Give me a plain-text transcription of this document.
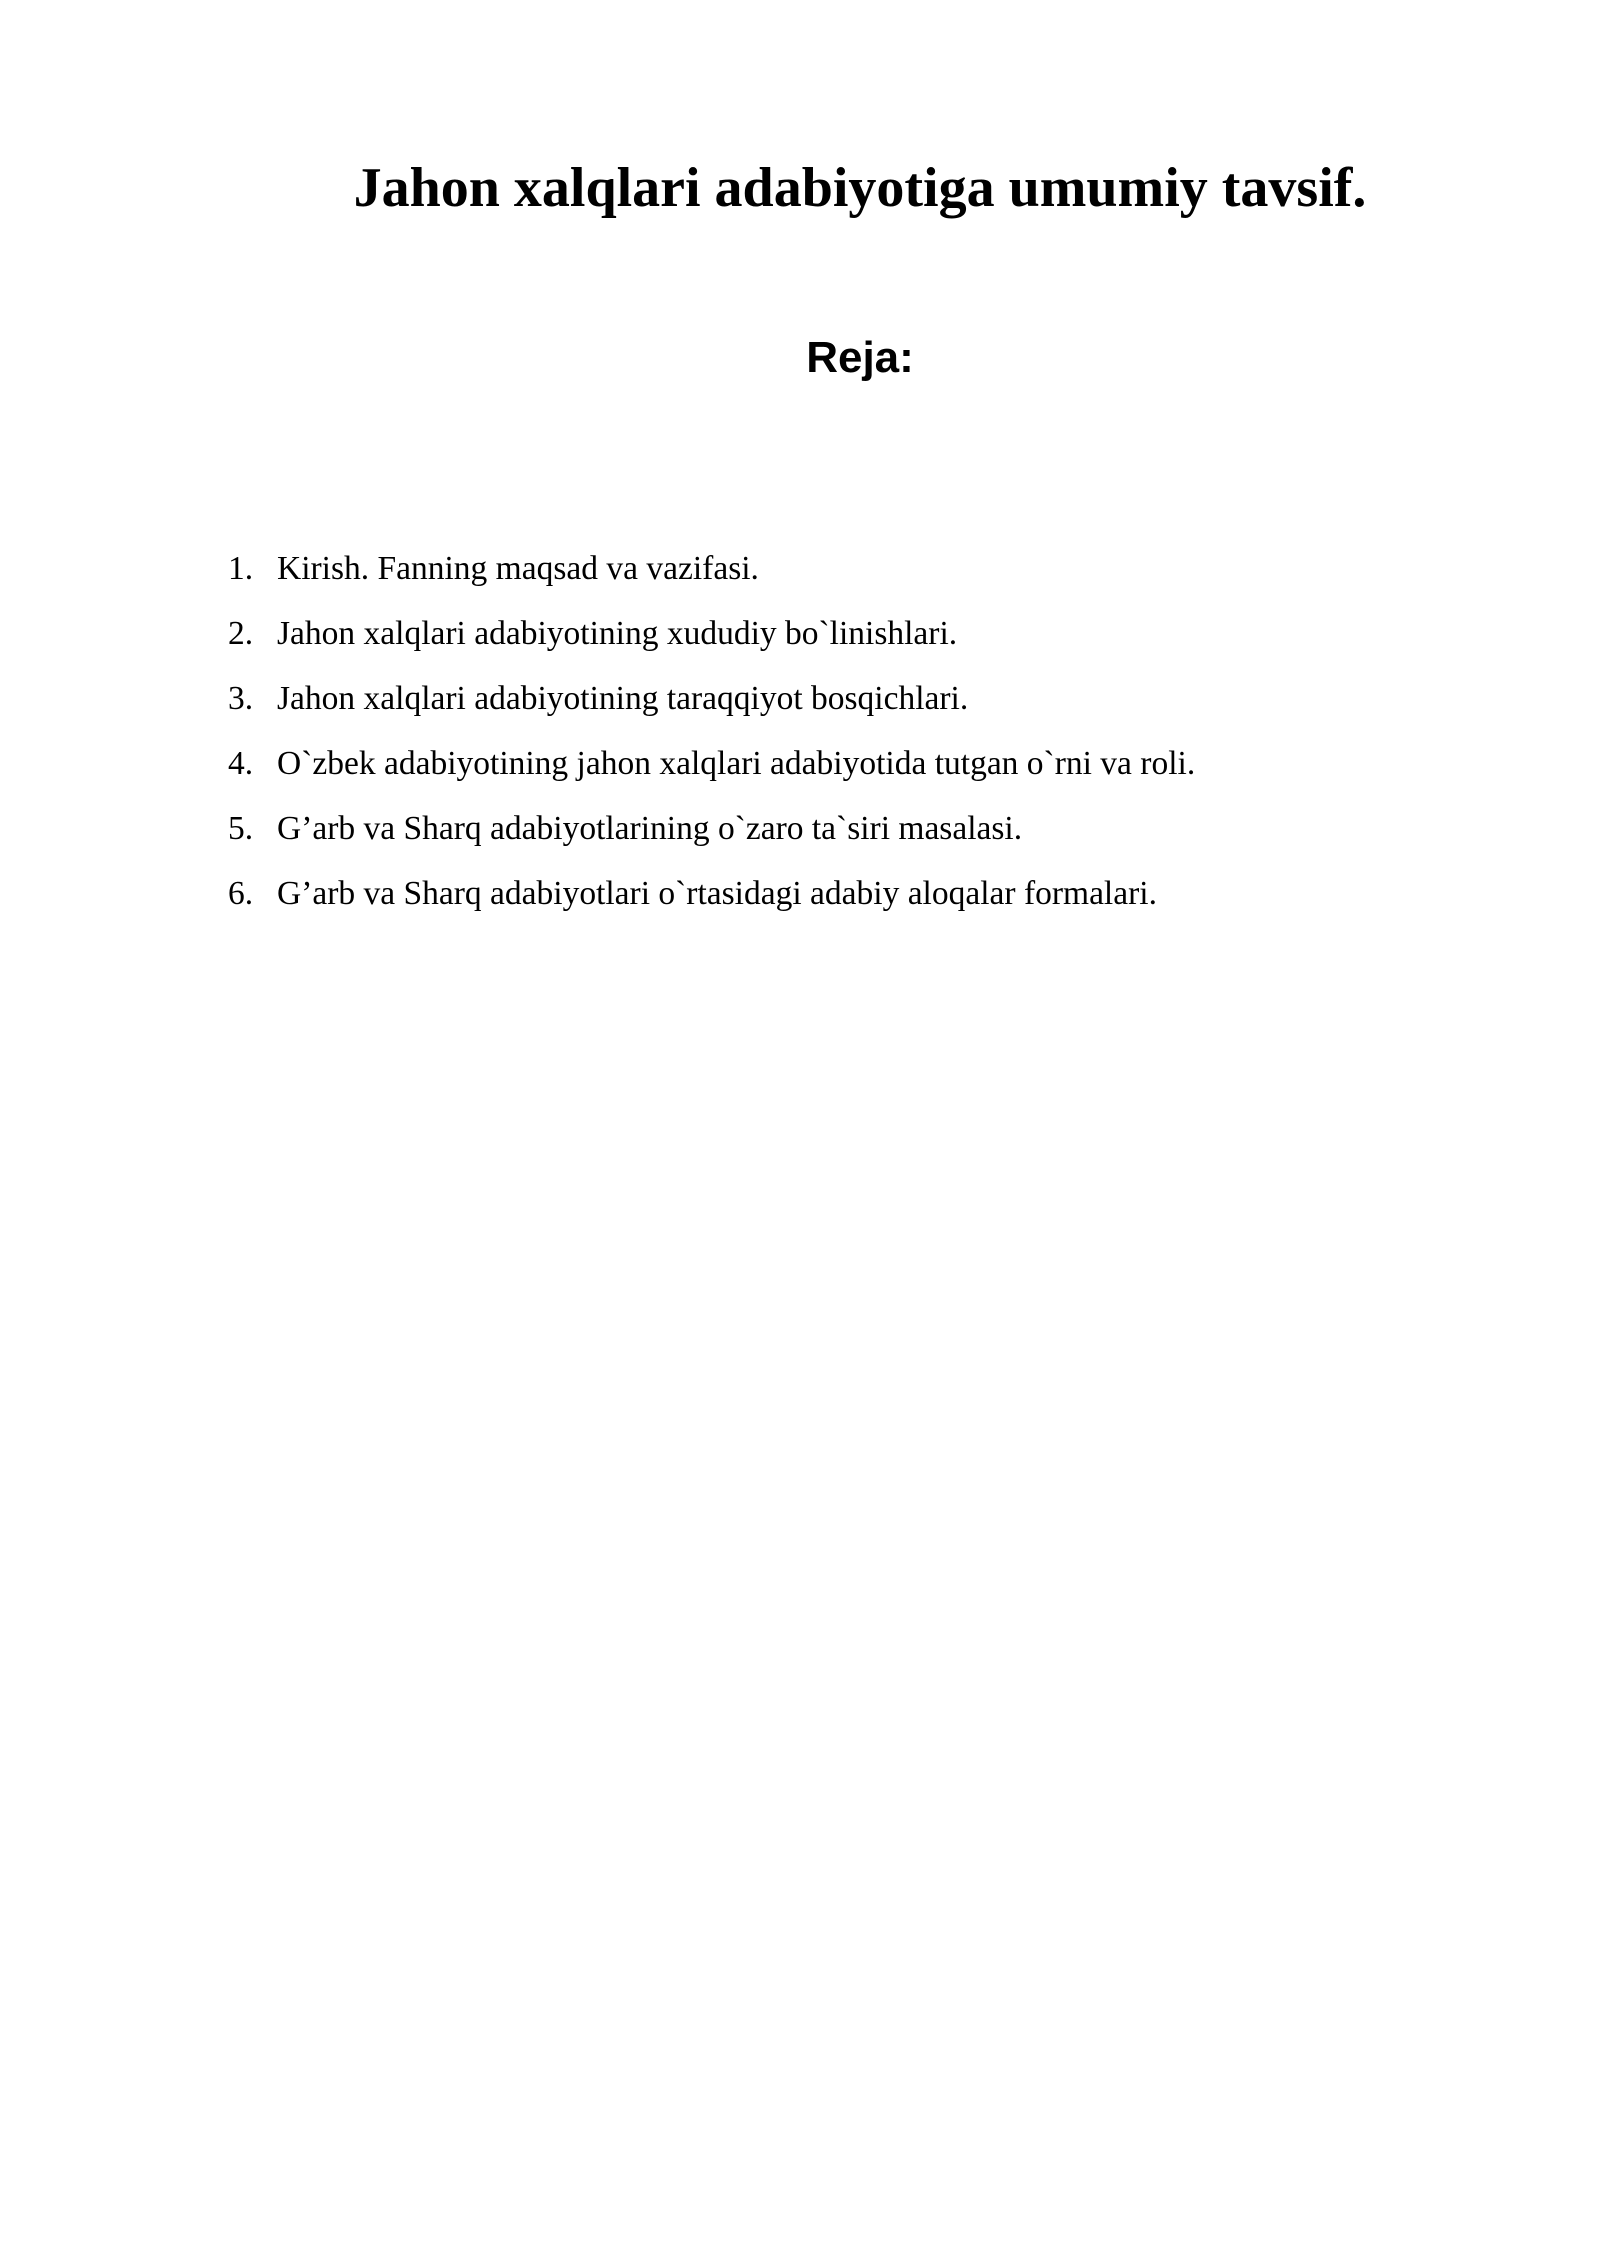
Jahon xalqlari adabiyotiga umumiy tavsif.
Reja:
1. Kirish. Fanning maqsad va vazifasi.
2. Jahon xalqlari adabiyotining xududiy bo`linishlari.
3. Jahon xalqlari adabiyotining taraqqiyot bosqichlari.
4. O`zbek adabiyotining jahon xalqlari adabiyotida tutgan o`rni va roli.
5. G’arb va Sharq adabiyotlarining o`zaro ta`siri masalasi.
6. G’arb va Sharq adabiyotlari o`rtasidagi adabiy aloqalar formalari.
